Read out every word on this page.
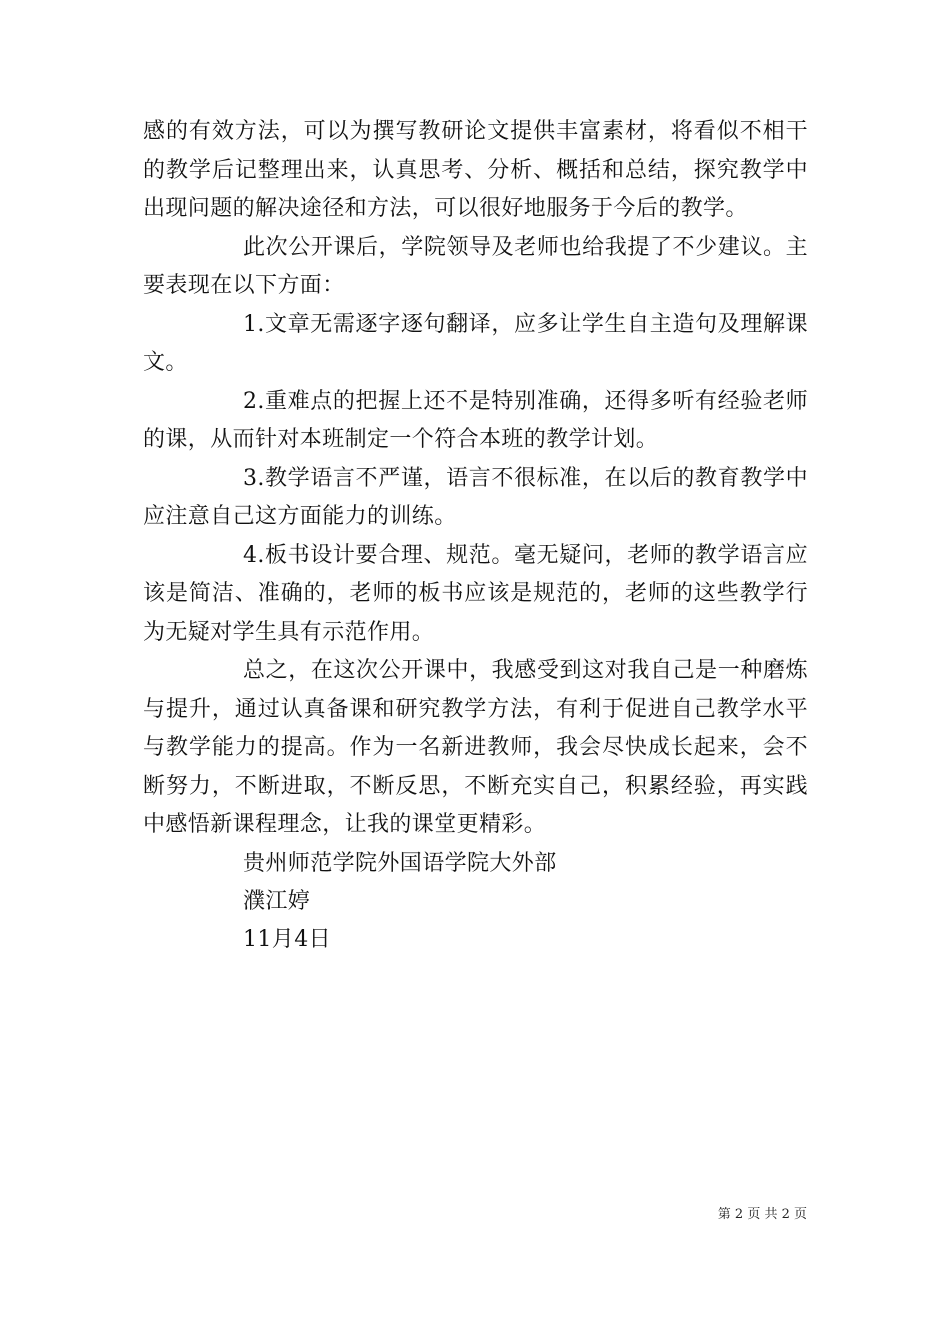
感的有效方法，可以为撰写教研论文提供丰富素材，将看似不相干的教学后记整理出来，认真思考、分析、概括和总结，探究教学中出现问题的解决途径和方法，可以很好地服务于今后的教学。

此次公开课后，学院领导及老师也给我提了不少建议。主要表现在以下方面：

1.文章无需逐字逐句翻译，应多让学生自主造句及理解课文。

2.重难点的把握上还不是特别准确，还得多听有经验老师的课，从而针对本班制定一个符合本班的教学计划。

3.教学语言不严谨，语言不很标准，在以后的教育教学中应注意自己这方面能力的训练。

4.板书设计要合理、规范。毫无疑问，老师的教学语言应该是简洁、准确的，老师的板书应该是规范的，老师的这些教学行为无疑对学生具有示范作用。

总之，在这次公开课中，我感受到这对我自己是一种磨炼与提升，通过认真备课和研究教学方法，有利于促进自己教学水平与教学能力的提高。作为一名新进教师，我会尽快成长起来，会不断努力，不断进取，不断反思，不断充实自己，积累经验，再实践中感悟新课程理念，让我的课堂更精彩。

贵州师范学院外国语学院大外部

濮江婷

11月4日

第 2 页 共 2 页
